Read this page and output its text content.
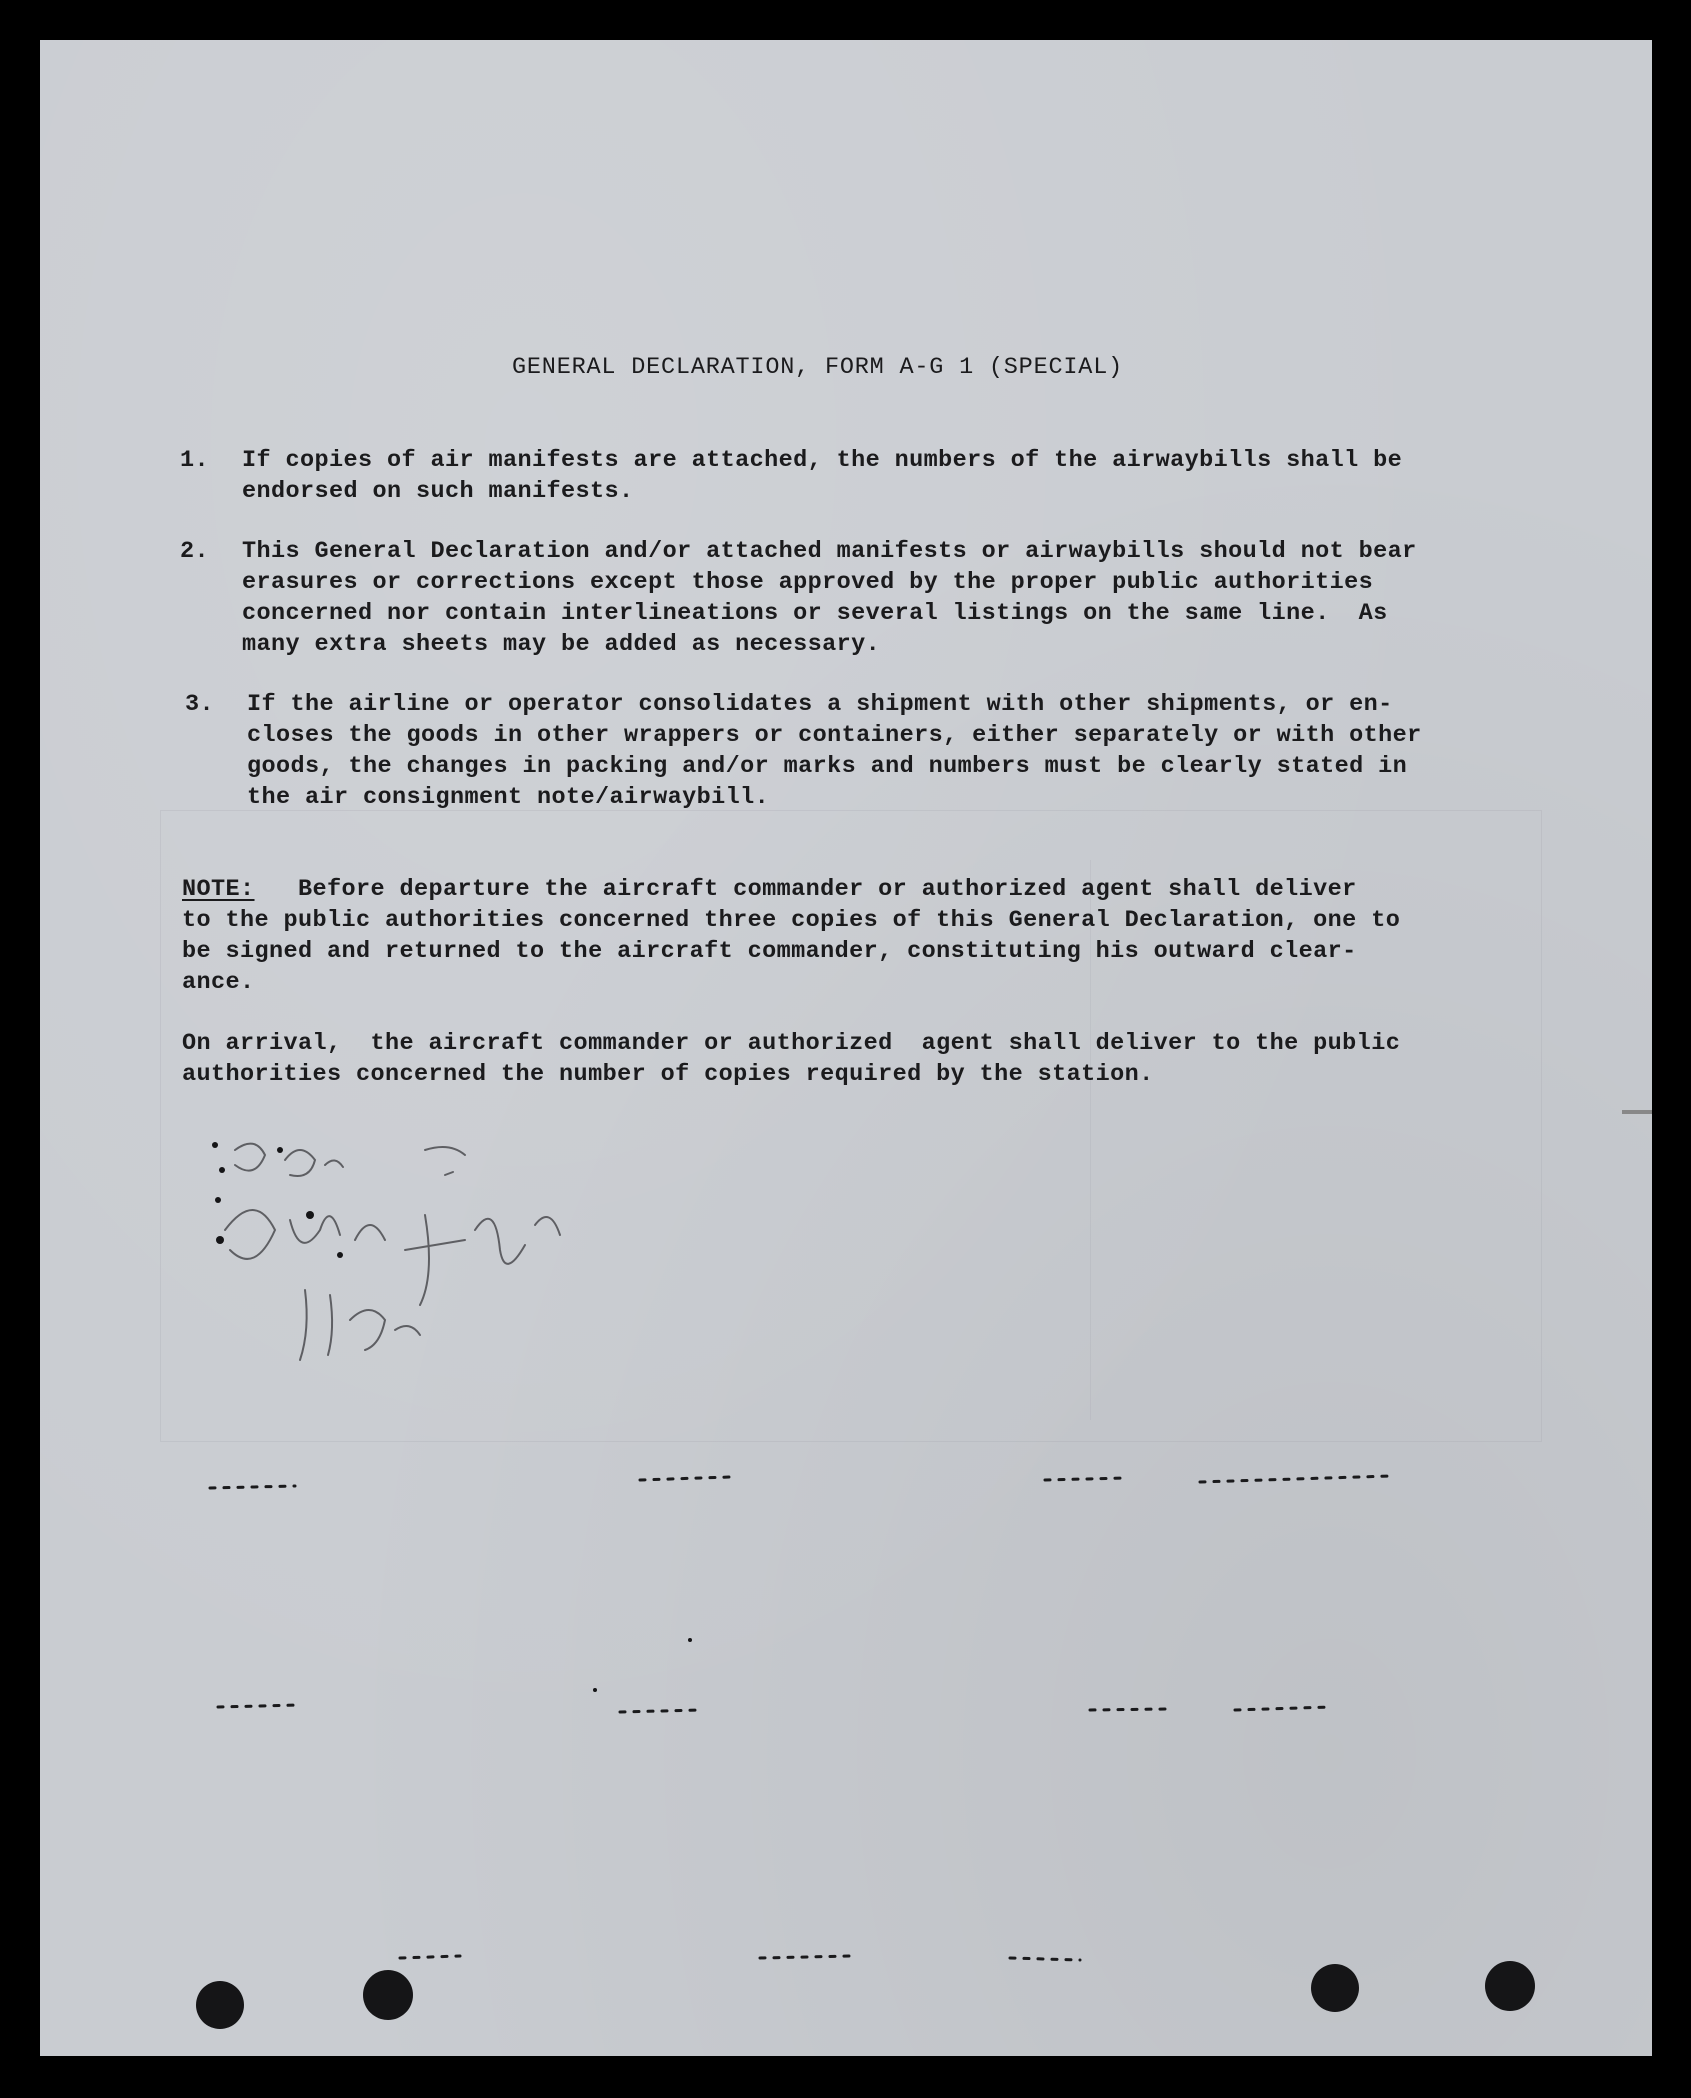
GENERAL DECLARATION, FORM A-G 1 (SPECIAL)
1. If copies of air manifests are attached, the numbers of the airwaybills shall be
endorsed on such manifests.
2. This General Declaration and/or attached manifests or airwaybills should not bear
erasures or corrections except those approved by the proper public authorities
concerned nor contain interlineations or several listings on the same line.  As
many extra sheets may be added as necessary.
3. If the airline or operator consolidates a shipment with other shipments, or en-
closes the goods in other wrappers or containers, either separately or with other
goods, the changes in packing and/or marks and numbers must be clearly stated in
the air consignment note/airwaybill.
NOTE:   Before departure the aircraft commander or authorized agent shall deliver
to the public authorities concerned three copies of this General Declaration, one to
be signed and returned to the aircraft commander, constituting his outward clear-
ance.
On arrival,  the aircraft commander or authorized  agent shall deliver to the public
authorities concerned the number of copies required by the station.
